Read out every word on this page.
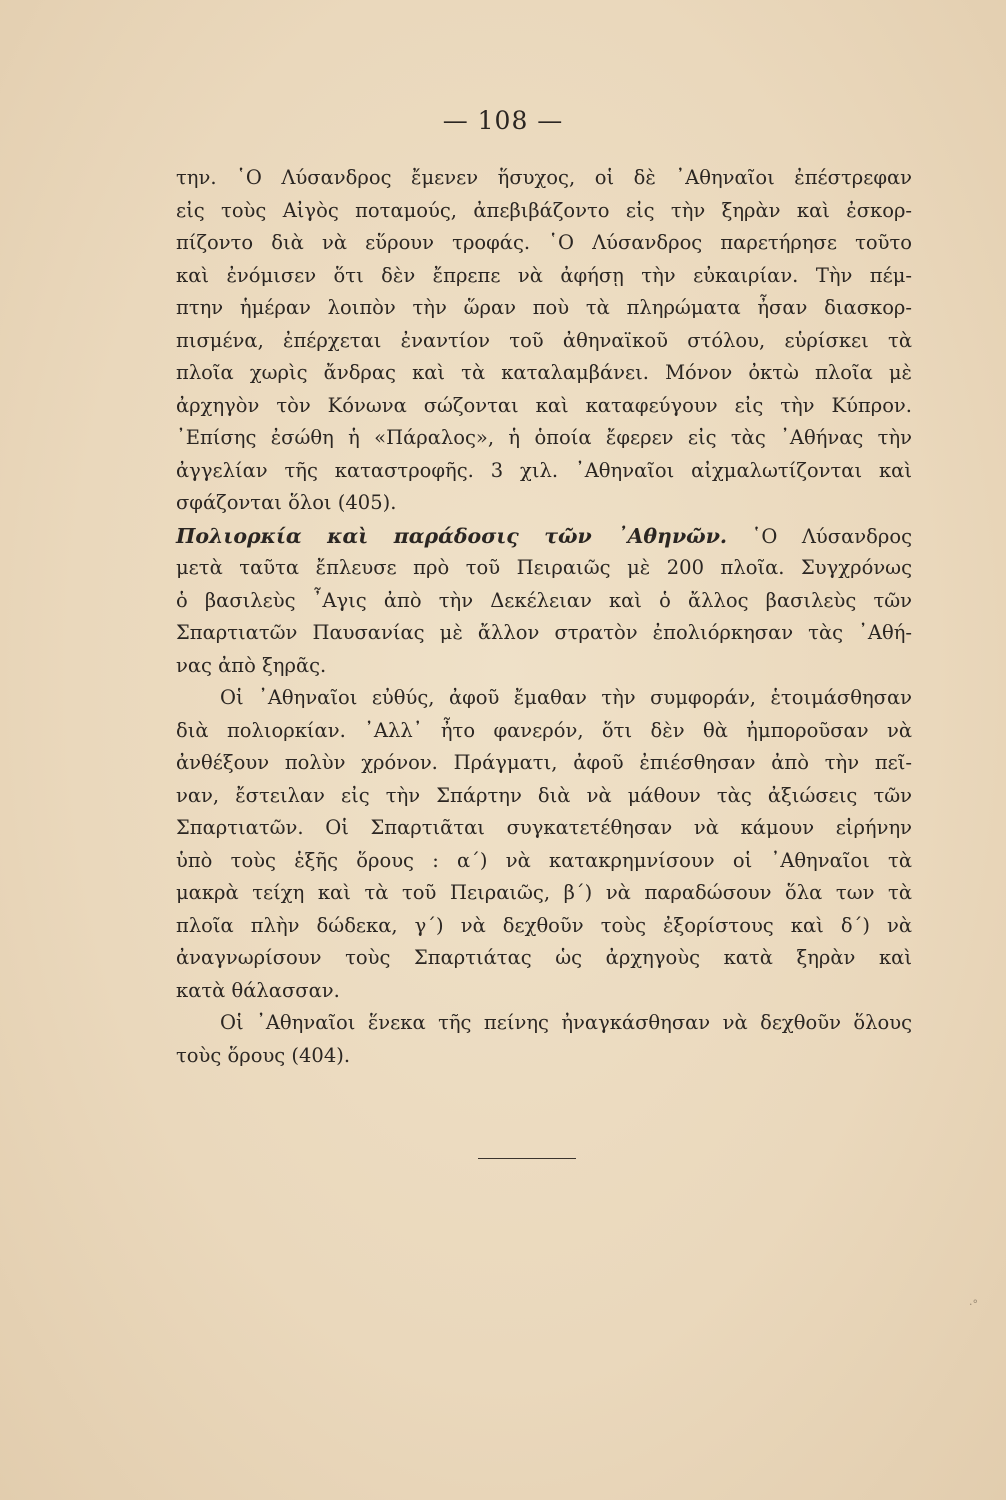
— 108 —
την. ῾Ο Λύσανδρος ἔμενεν ἥσυχος, οἱ δὲ ᾿Αθηναῖοι ἐπέστρεφαν
εἰς τοὺς Αἰγὸς ποταμούς, ἀπεβιβάζοντο εἰς τὴν ξηρὰν καὶ ἐσκορ-
πίζοντο διὰ νὰ εὕρουν τροφάς. ῾Ο Λύσανδρος παρετήρησε τοῦτο
καὶ ἐνόμισεν ὅτι δὲν ἔπρεπε νὰ ἀφήσῃ τὴν εὐκαιρίαν. Τὴν πέμ-
πτην ἡμέραν λοιπὸν τὴν ὥραν ποὺ τὰ πληρώματα ἦσαν διασκορ-
πισμένα, ἐπέρχεται ἐναντίον τοῦ ἀθηναϊκοῦ στόλου, εὑρίσκει τὰ
πλοῖα χωρὶς ἄνδρας καὶ τὰ καταλαμβάνει. Μόνον ὀκτὼ πλοῖα μὲ
ἀρχηγὸν τὸν Κόνωνα σώζονται καὶ καταφεύγουν εἰς τὴν Κύπρον.
᾿Επίσης ἐσώθη ἡ «Πάραλος», ἡ ὁποία ἔφερεν εἰς τὰς ᾿Αθήνας τὴν
ἀγγελίαν τῆς καταστροφῆς. 3 χιλ. ᾿Αθηναῖοι αἰχμαλωτίζονται καὶ
σφάζονται ὅλοι (405).
Πολιορκία καὶ παράδοσις τῶν ᾿Αθηνῶν. ῾Ο Λύσανδρος
μετὰ ταῦτα ἔπλευσε πρὸ τοῦ Πειραιῶς μὲ 200 πλοῖα. Συγχρόνως
ὁ βασιλεὺς ῏Αγις ἀπὸ τὴν Δεκέλειαν καὶ ὁ ἄλλος βασιλεὺς τῶν
Σπαρτιατῶν Παυσανίας μὲ ἄλλον στρατὸν ἐπολιόρκησαν τὰς ᾿Αθή-
νας ἀπὸ ξηρᾶς.
Οἱ ᾿Αθηναῖοι εὐθύς, ἀφοῦ ἔμαθαν τὴν συμφοράν, ἑτοιμάσθησαν
διὰ πολιορκίαν. ᾿Αλλ᾿ ἦτο φανερόν, ὅτι δὲν θὰ ἠμποροῦσαν νὰ
ἀνθέξουν πολὺν χρόνον. Πράγματι, ἀφοῦ ἐπιέσθησαν ἀπὸ τὴν πεῖ-
ναν, ἔστειλαν εἰς τὴν Σπάρτην διὰ νὰ μάθουν τὰς ἀξιώσεις τῶν
Σπαρτιατῶν. Οἱ Σπαρτιᾶται συγκατετέθησαν νὰ κάμουν εἰρήνην
ὑπὸ τοὺς ἑξῆς ὅρους : α΄) νὰ κατακρημνίσουν οἱ ᾿Αθηναῖοι τὰ
μακρὰ τείχη καὶ τὰ τοῦ Πειραιῶς, β΄) νὰ παραδώσουν ὅλα των τὰ
πλοῖα πλὴν δώδεκα, γ΄) νὰ δεχθοῦν τοὺς ἐξορίστους καὶ δ΄) νὰ
ἀναγνωρίσουν τοὺς Σπαρτιάτας ὡς ἀρχηγοὺς κατὰ ξηρὰν καὶ
κατὰ θάλασσαν.
Οἱ ᾿Αθηναῖοι ἕνεκα τῆς πείνης ἠναγκάσθησαν νὰ δεχθοῦν ὅλους
τοὺς ὅρους (404).
·°
